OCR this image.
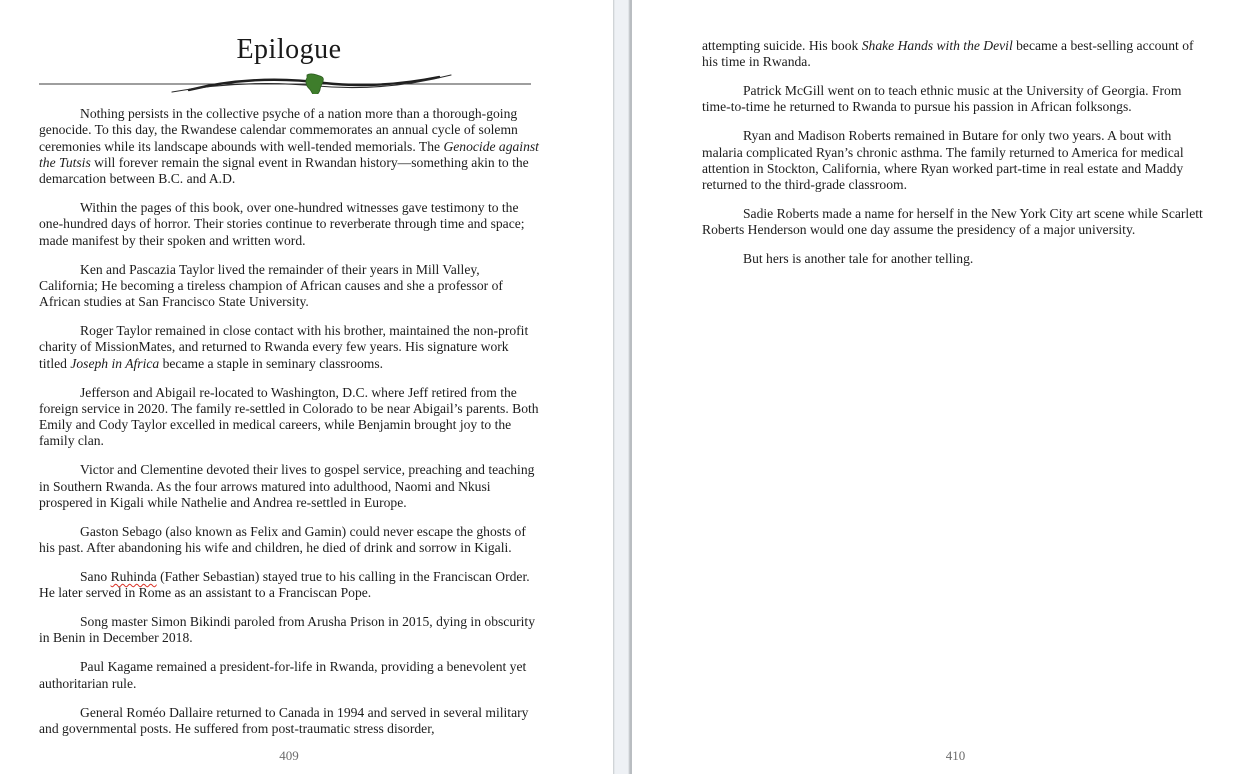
Epilogue

Nothing persists in the collective psyche of a nation more than a thorough-going genocide. To this day, the Rwandese calendar commemorates an annual cycle of solemn ceremonies while its landscape abounds with well-tended memorials. The Genocide against the Tutsis will forever remain the signal event in Rwandan history—something akin to the demarcation between B.C. and A.D.

Within the pages of this book, over one-hundred witnesses gave testimony to the one-hundred days of horror. Their stories continue to reverberate through time and space; made manifest by their spoken and written word.

Ken and Pascazia Taylor lived the remainder of their years in Mill Valley, California; He becoming a tireless champion of African causes and she a professor of African studies at San Francisco State University.

Roger Taylor remained in close contact with his brother, maintained the non-profit charity of MissionMates, and returned to Rwanda every few years. His signature work titled Joseph in Africa became a staple in seminary classrooms.

Jefferson and Abigail re-located to Washington, D.C. where Jeff retired from the foreign service in 2020. The family re-settled in Colorado to be near Abigail’s parents. Both Emily and Cody Taylor excelled in medical careers, while Benjamin brought joy to the family clan.

Victor and Clementine devoted their lives to gospel service, preaching and teaching in Southern Rwanda. As the four arrows matured into adulthood, Naomi and Nkusi prospered in Kigali while Nathelie and Andrea re-settled in Europe.

Gaston Sebago (also known as Felix and Gamin) could never escape the ghosts of his past. After abandoning his wife and children, he died of drink and sorrow in Kigali.

Sano Ruhinda (Father Sebastian) stayed true to his calling in the Franciscan Order. He later served in Rome as an assistant to a Franciscan Pope.

Song master Simon Bikindi paroled from Arusha Prison in 2015, dying in obscurity in Benin in December 2018.

Paul Kagame remained a president-for-life in Rwanda, providing a benevolent yet authoritarian rule.

General Roméo Dallaire returned to Canada in 1994 and served in several military and governmental posts. He suffered from post-traumatic stress disorder,

409

attempting suicide. His book Shake Hands with the Devil became a best-selling account of his time in Rwanda.

Patrick McGill went on to teach ethnic music at the University of Georgia. From time-to-time he returned to Rwanda to pursue his passion in African folksongs.

Ryan and Madison Roberts remained in Butare for only two years. A bout with malaria complicated Ryan’s chronic asthma. The family returned to America for medical attention in Stockton, California, where Ryan worked part-time in real estate and Maddy returned to the third-grade classroom.

Sadie Roberts made a name for herself in the New York City art scene while Scarlett Roberts Henderson would one day assume the presidency of a major university.

But hers is another tale for another telling.

410
